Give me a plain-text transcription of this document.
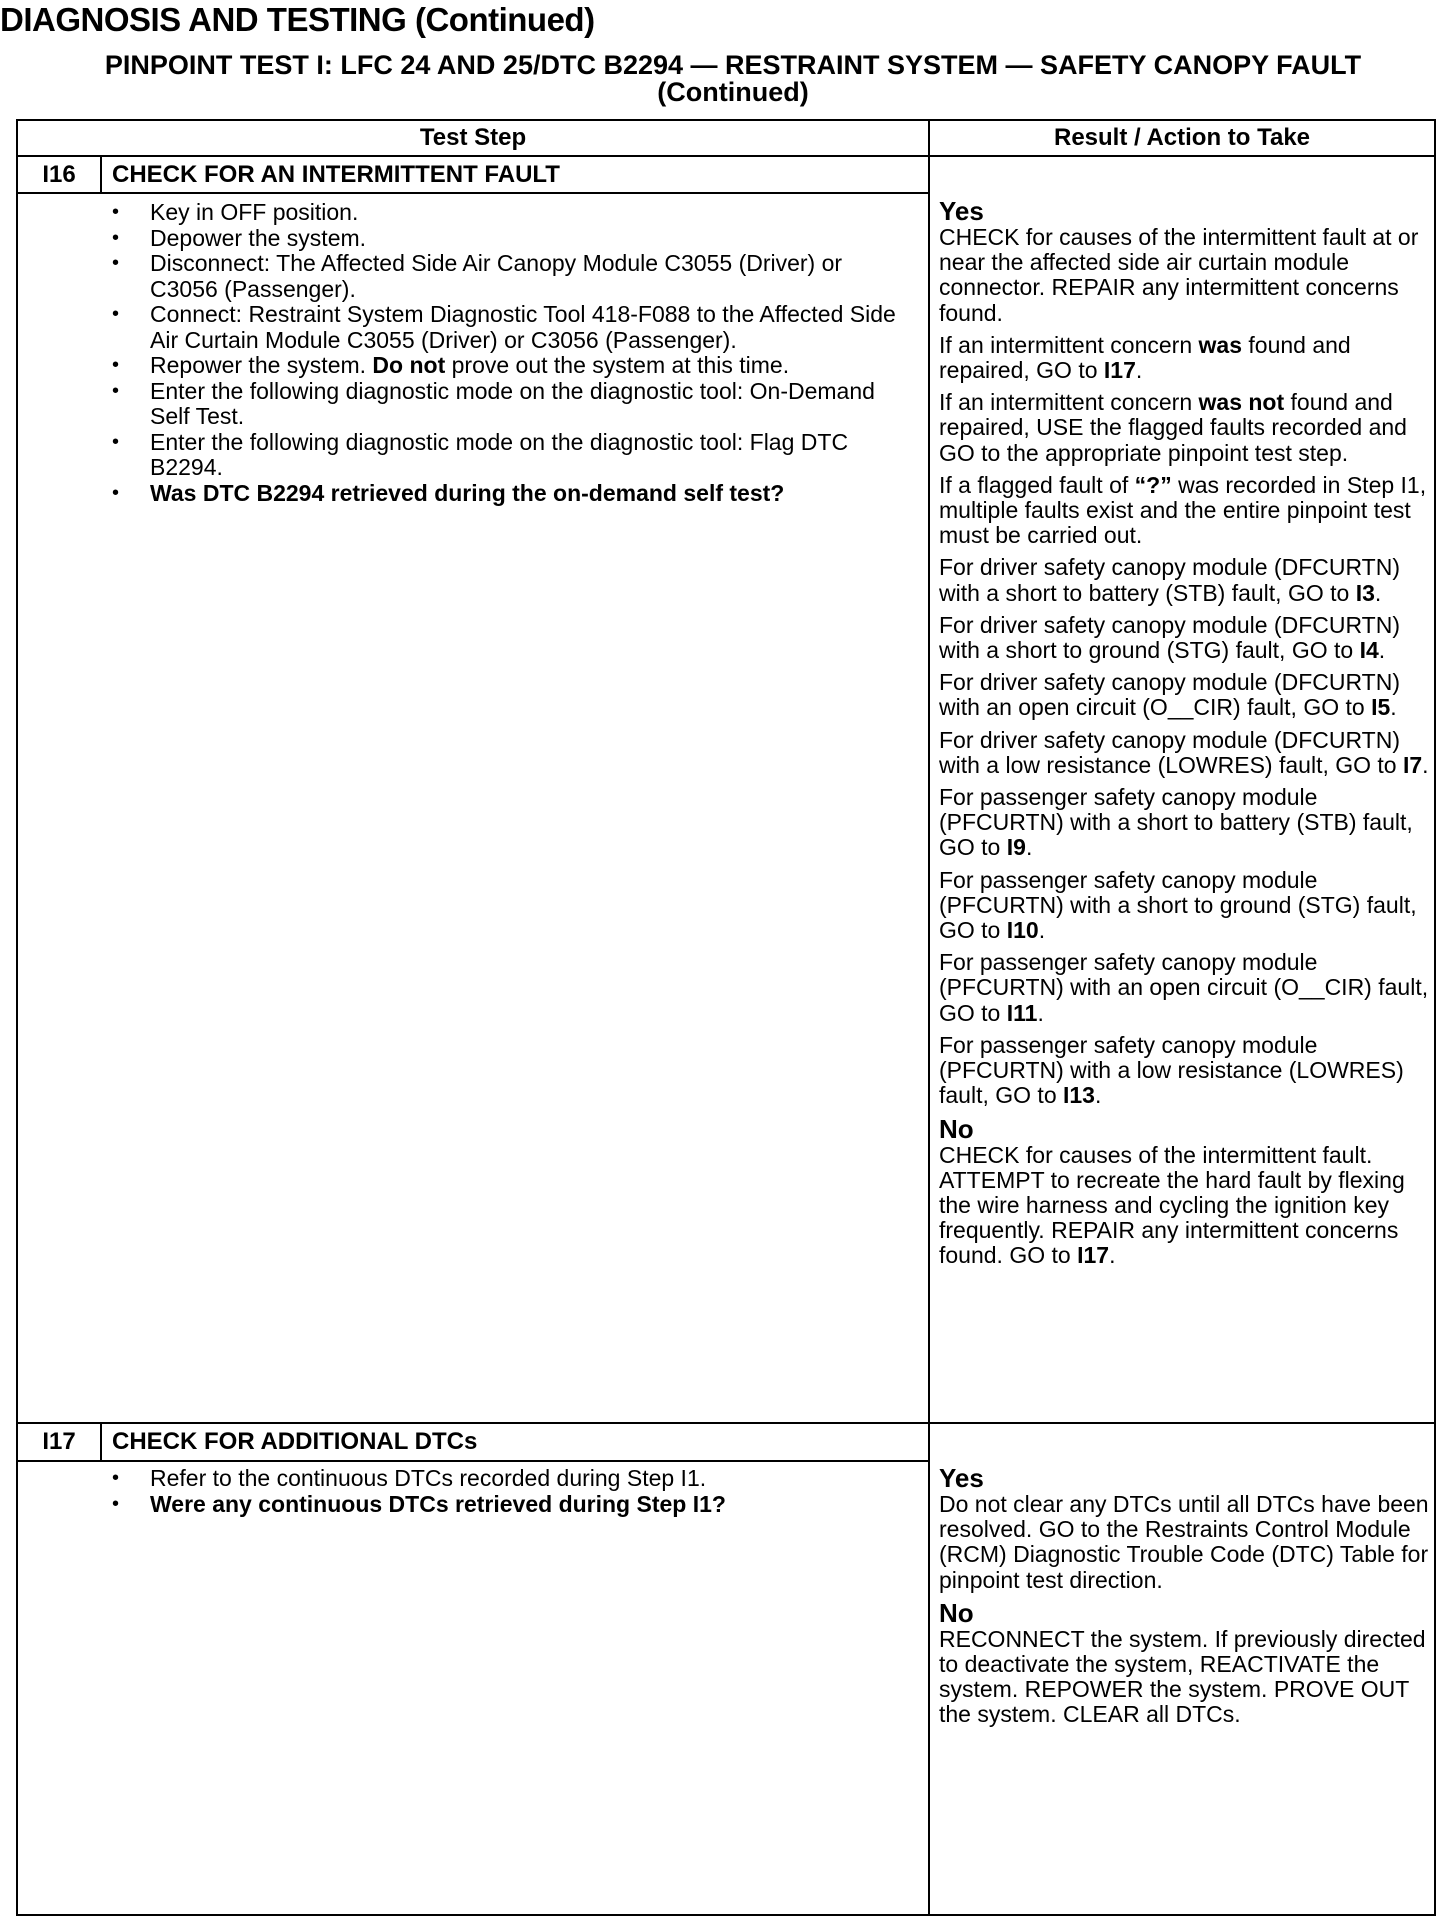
DIAGNOSIS AND TESTING (Continued)
PINPOINT TEST I: LFC 24 AND 25/DTC B2294 — RESTRAINT SYSTEM — SAFETY CANOPY FAULT
(Continued)
Test Step	Result / Action to Take
I16	CHECK FOR AN INTERMITTENT FAULT
• Key in OFF position.
• Depower the system.
• Disconnect: The Affected Side Air Canopy Module C3055 (Driver) or C3056 (Passenger).
• Connect: Restraint System Diagnostic Tool 418-F088 to the Affected Side Air Curtain Module C3055 (Driver) or C3056 (Passenger).
• Repower the system. Do not prove out the system at this time.
• Enter the following diagnostic mode on the diagnostic tool: On-Demand Self Test.
• Enter the following diagnostic mode on the diagnostic tool: Flag DTC B2294.
• Was DTC B2294 retrieved during the on-demand self test?
Yes

CHECK for causes of the intermittent fault at or near the affected side air curtain module connector. REPAIR any intermittent concerns found.

If an intermittent concern was found and repaired, GO to I17.

If an intermittent concern was not found and repaired, USE the flagged faults recorded and GO to the appropriate pinpoint test step.

If a flagged fault of “?” was recorded in Step I1, multiple faults exist and the entire pinpoint test must be carried out.

For driver safety canopy module (DFCURTN) with a short to battery (STB) fault, GO to I3.

For driver safety canopy module (DFCURTN) with a short to ground (STG) fault, GO to I4.

For driver safety canopy module (DFCURTN) with an open circuit (O__CIR) fault, GO to I5.

For driver safety canopy module (DFCURTN) with a low resistance (LOWRES) fault, GO to I7.

For passenger safety canopy module (PFCURTN) with a short to battery (STB) fault, GO to I9.

For passenger safety canopy module (PFCURTN) with a short to ground (STG) fault, GO to I10.

For passenger safety canopy module (PFCURTN) with an open circuit (O__CIR) fault, GO to I11.

For passenger safety canopy module (PFCURTN) with a low resistance (LOWRES) fault, GO to I13.

No

CHECK for causes of the intermittent fault. ATTEMPT to recreate the hard fault by flexing the wire harness and cycling the ignition key frequently. REPAIR any intermittent concerns found. GO to I17.

I17	CHECK FOR ADDITIONAL DTCs
• Refer to the continuous DTCs recorded during Step I1.
• Were any continuous DTCs retrieved during Step I1?
Yes

Do not clear any DTCs until all DTCs have been resolved. GO to the Restraints Control Module (RCM) Diagnostic Trouble Code (DTC) Table for pinpoint test direction.

No

RECONNECT the system. If previously directed to deactivate the system, REACTIVATE the system. REPOWER the system. PROVE OUT the system. CLEAR all DTCs.
